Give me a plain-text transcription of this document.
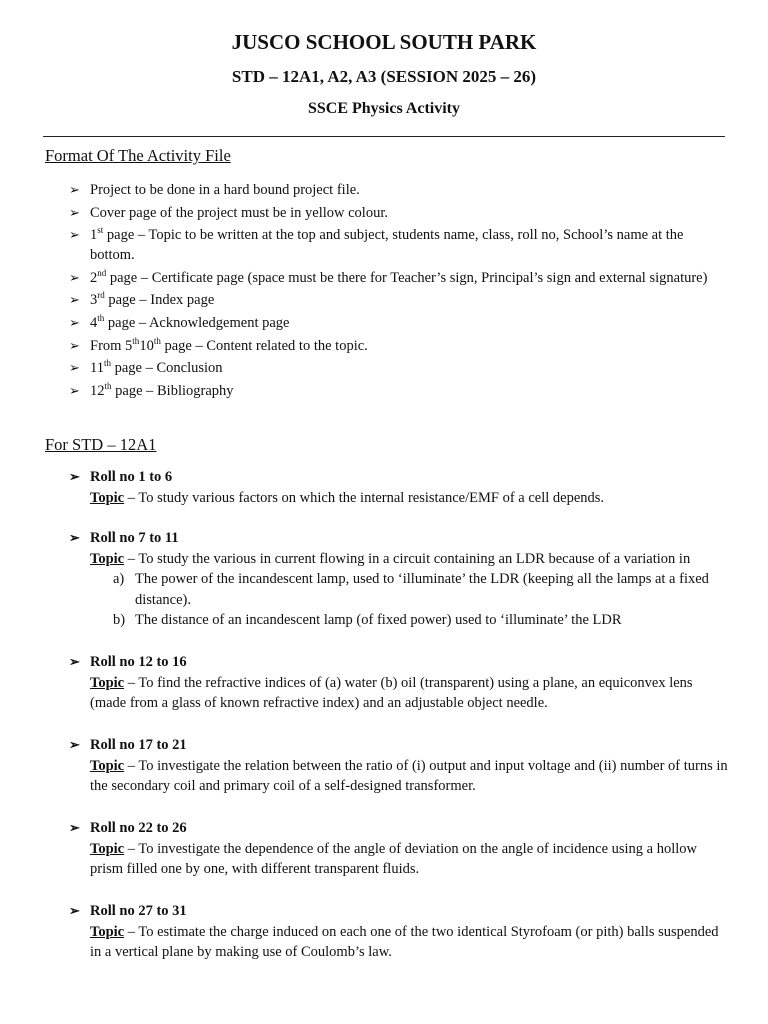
JUSCO SCHOOL SOUTH PARK
STD – 12A1, A2, A3 (SESSION 2025 – 26)
SSCE Physics Activity
Format Of The Activity File
➢ Project to be done in a hard bound project file.
➢ Cover page of the project must be in yellow colour.
➢ 1st page – Topic to be written at the top and subject, students name, class, roll no, School’s name at the bottom.
➢ 2nd page – Certificate page (space must be there for Teacher’s sign, Principal’s sign and external signature)
➢ 3rd page – Index page
➢ 4th page – Acknowledgement page
➢ From 5th10th page – Content related to the topic.
➢ 11th page – Conclusion
➢ 12th page – Bibliography
For STD – 12A1
➢ Roll no 1 to 6
Topic – To study various factors on which the internal resistance/EMF of a cell depends.
➢ Roll no 7 to 11
Topic – To study the various in current flowing in a circuit containing an LDR because of a variation in
a) The power of the incandescent lamp, used to ‘illuminate’ the LDR (keeping all the lamps at a fixed distance).
b) The distance of an incandescent lamp (of fixed power) used to ‘illuminate’ the LDR
➢ Roll no 12 to 16
Topic – To find the refractive indices of (a) water (b) oil (transparent) using a plane, an equiconvex lens (made from a glass of known refractive index) and an adjustable object needle.
➢ Roll no 17 to 21
Topic – To investigate the relation between the ratio of (i) output and input voltage and (ii) number of turns in the secondary coil and primary coil of a self-designed transformer.
➢ Roll no 22 to 26
Topic – To investigate the dependence of the angle of deviation on the angle of incidence using a hollow prism filled one by one, with different transparent fluids.
➢ Roll no 27 to 31
Topic – To estimate the charge induced on each one of the two identical Styrofoam (or pith) balls suspended in a vertical plane by making use of Coulomb’s law.
